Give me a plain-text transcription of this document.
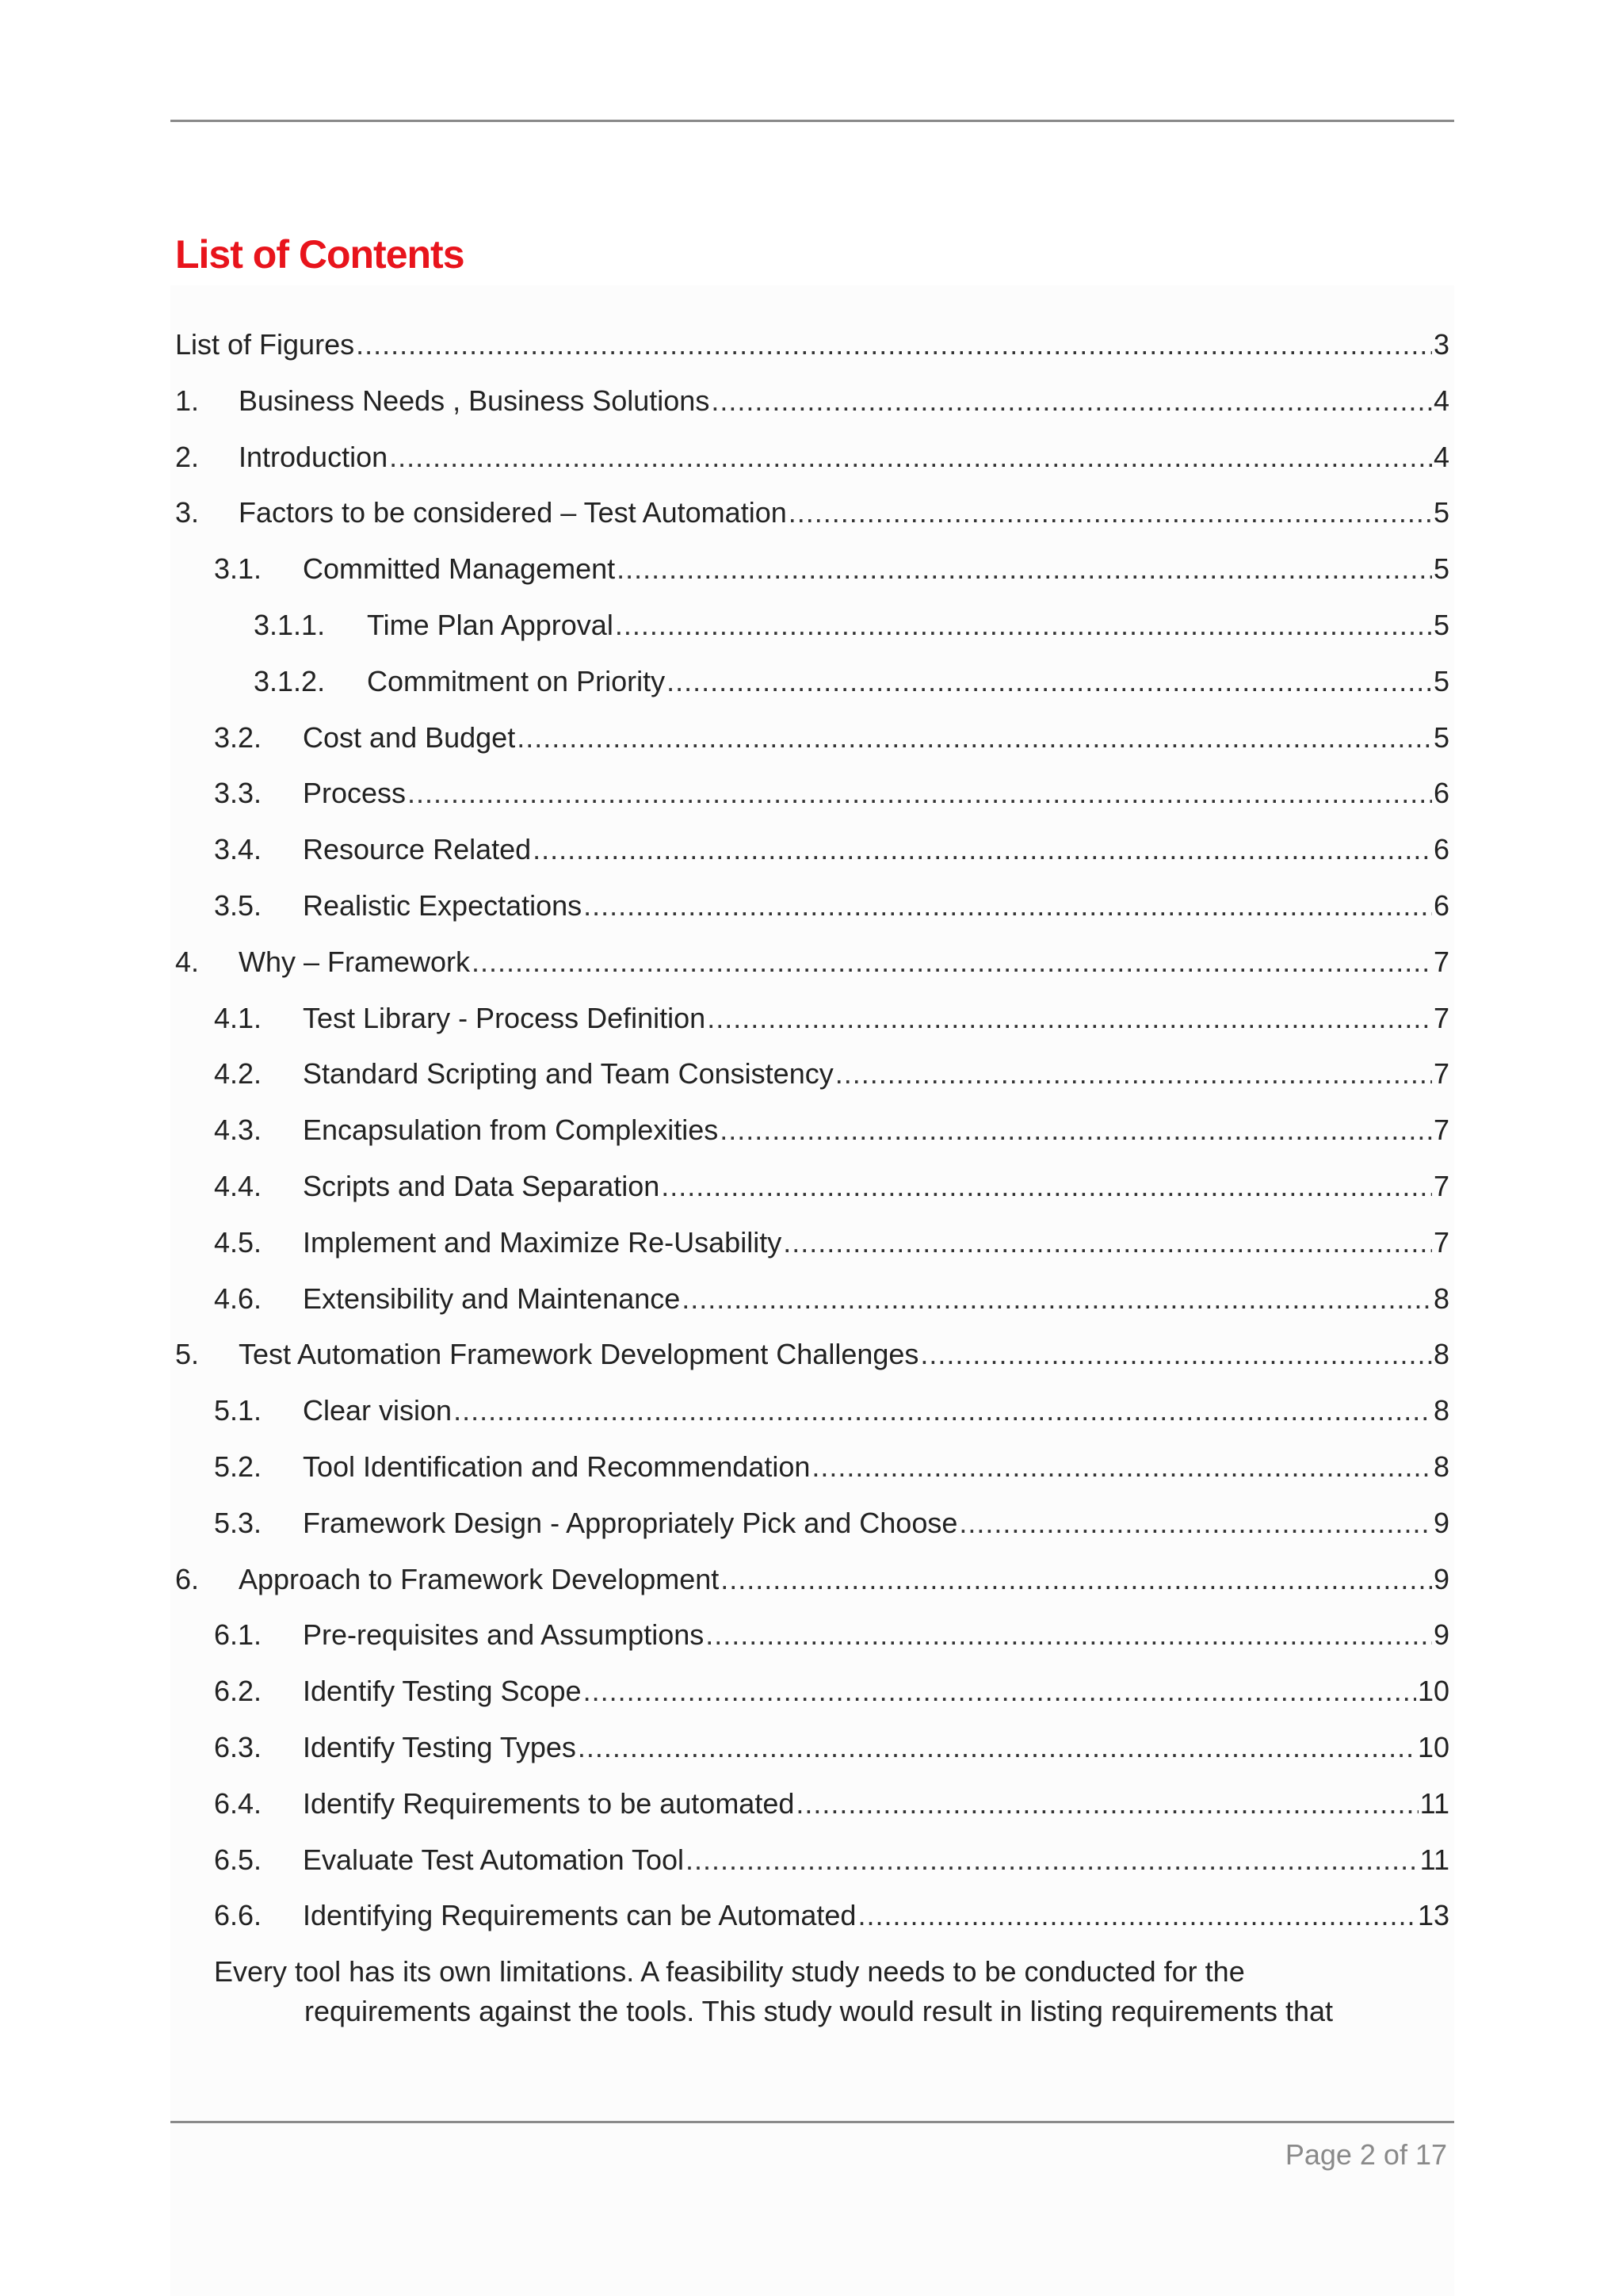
List of Contents
List of Figures .....	3
1.	Business Needs , Business Solutions .....	4
2.	Introduction .....	4
3.	Factors to be considered – Test Automation .....	5
3.1.	Committed Management .....	5
3.1.1.	Time Plan Approval .....	5
3.1.2.	Commitment on Priority .....	5
3.2.	Cost and Budget .....	5
3.3.	Process .....	6
3.4.	Resource Related .....	6
3.5.	Realistic Expectations .....	6
4.	Why – Framework .....	7
4.1.	Test Library - Process Definition .....	7
4.2.	Standard Scripting and Team Consistency .....	7
4.3.	Encapsulation from Complexities .....	7
4.4.	Scripts and Data Separation .....	7
4.5.	Implement and Maximize Re-Usability .....	7
4.6.	Extensibility and Maintenance .....	8
5.	Test Automation Framework Development Challenges .....	8
5.1.	Clear vision .....	8
5.2.	Tool Identification and Recommendation .....	8
5.3.	Framework Design - Appropriately Pick and Choose .....	9
6.	Approach to Framework Development .....	9
6.1.	Pre-requisites and Assumptions .....	9
6.2.	Identify Testing Scope .....	10
6.3.	Identify Testing Types .....	10
6.4.	Identify Requirements to be automated .....	11
6.5.	Evaluate Test Automation Tool .....	11
6.6.	Identifying Requirements can be Automated .....	13

Every tool has its own limitations. A feasibility study needs to be conducted for the
requirements against the tools. This study would result in listing requirements that

Page 2 of 17
